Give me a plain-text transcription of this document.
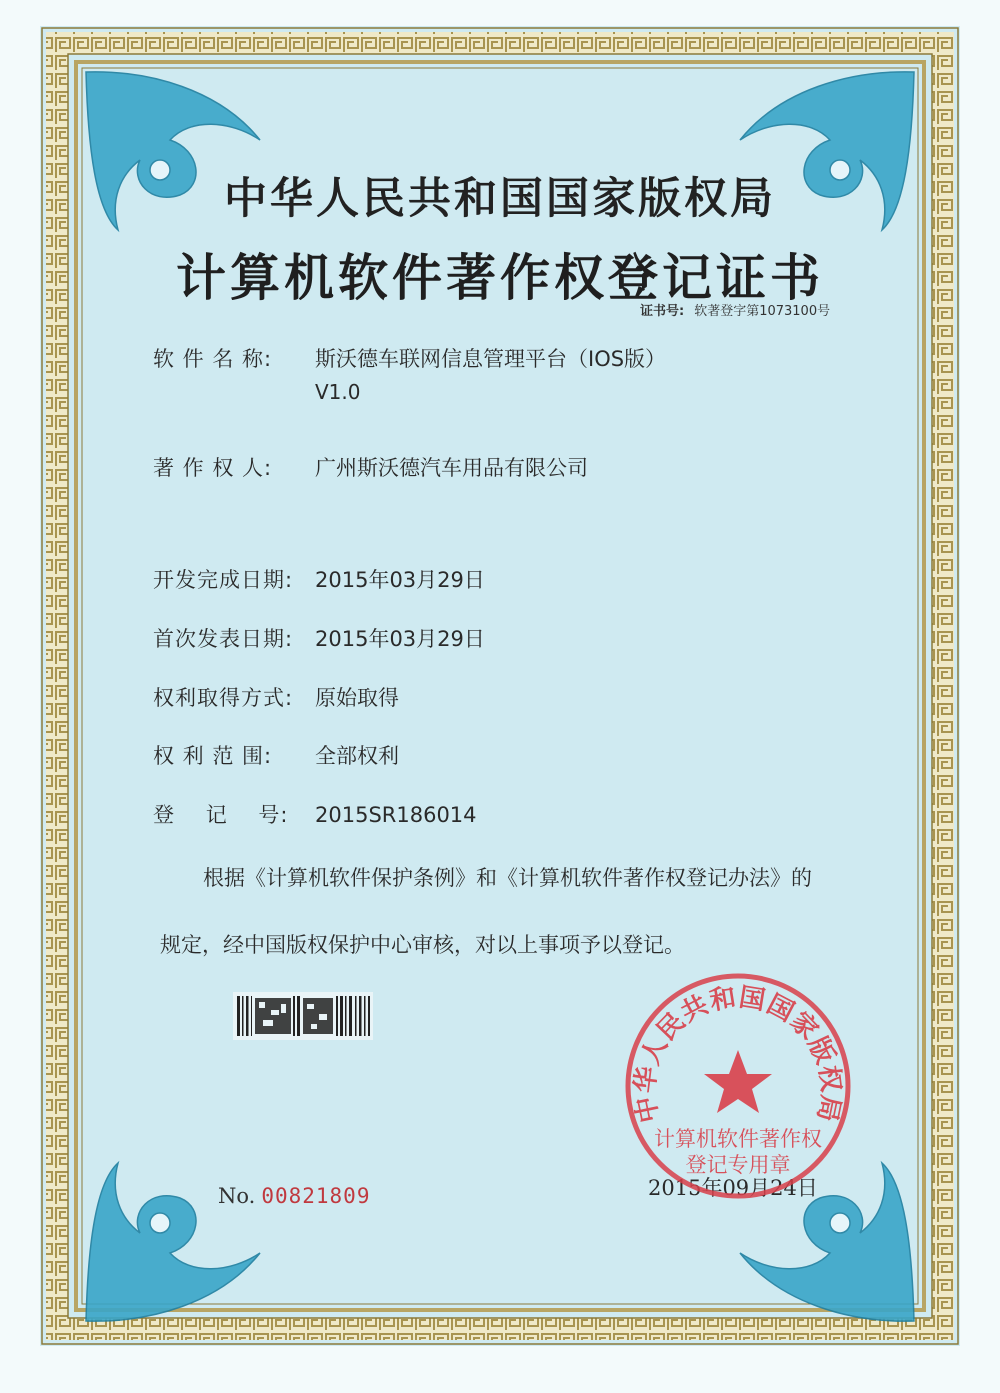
中华人民共和国国家版权局
计算机软件著作权登记证书
证书号: 软著登字第1073100号
软 件 名 称: 斯沃德车联网信息管理平台（IOS版）
V1.0
著 作 权 人: 广州斯沃德汽车用品有限公司
开发完成日期: 2015年03月29日
首次发表日期: 2015年03月29日
权利取得方式: 原始取得
权 利 范 围: 全部权利
登    记    号: 2015SR186014
根据《计算机软件保护条例》和《计算机软件著作权登记办法》的
规定，经中国版权保护中心审核，对以上事项予以登记。
No. 00821809	2015年09月24日
中华人民共和国国家版权局
计算机软件著作权
登记专用章
